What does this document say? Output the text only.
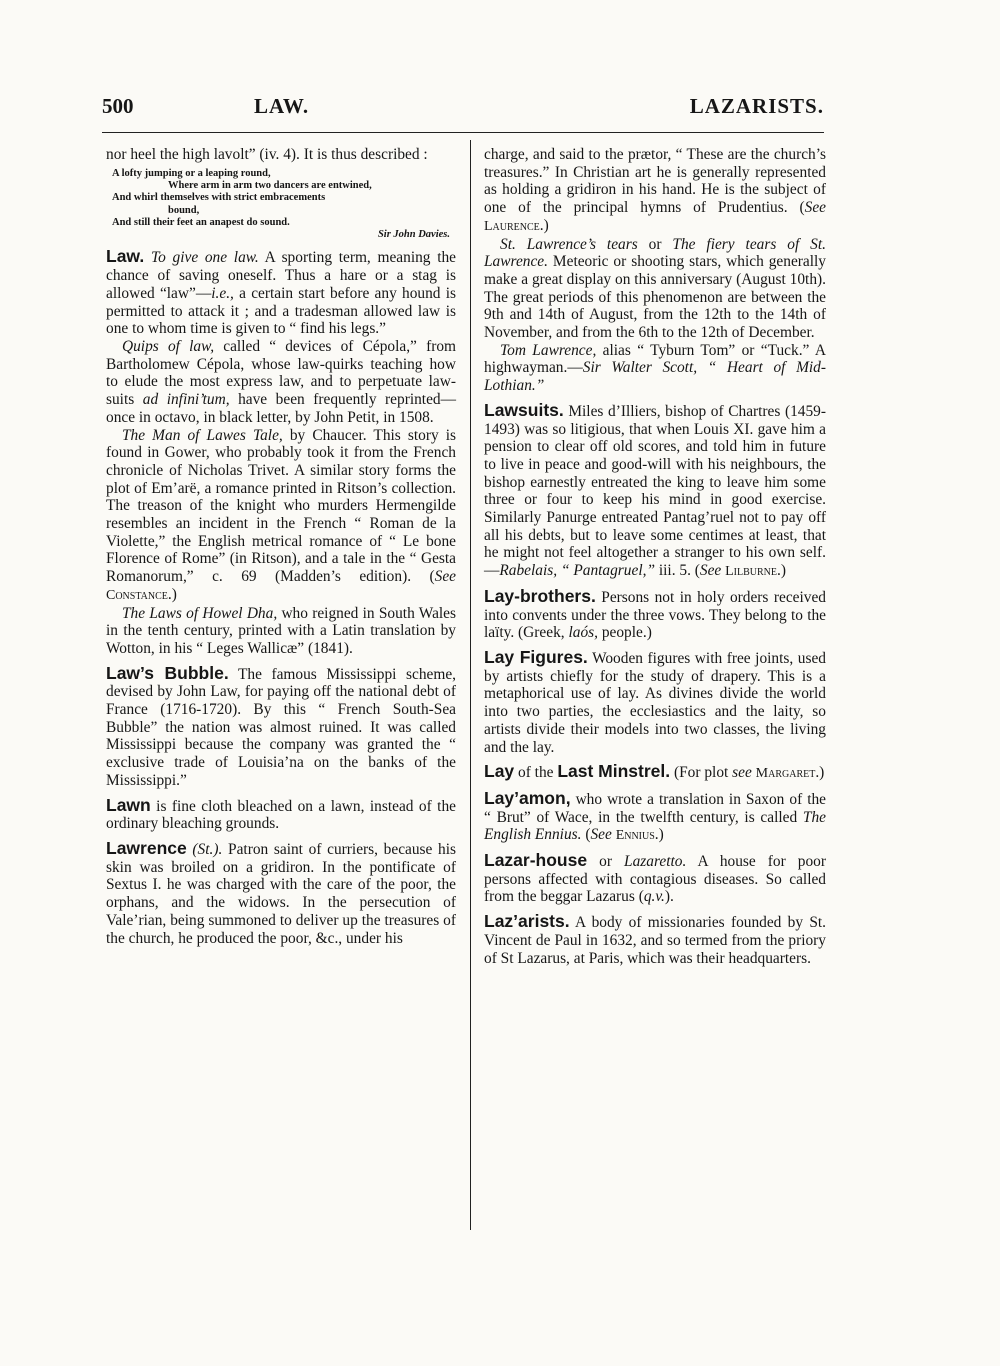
500	LAW.	LAZARISTS.

nor heel the high lavolt” (iv. 4). It is thus described :

A lofty jumping or a leaping round,
Where arm in arm two dancers are entwined,
And whirl themselves with strict embracements
bound,
And still their feet an anapest do sound.
Sir John Davies.

Law. To give one law. A sporting term, meaning the chance of saving oneself. Thus a hare or a stag is allowed “law”—i.e., a certain start before any hound is permitted to attack it ; and a tradesman allowed law is one to whom time is given to “ find his legs.”

Quips of law, called “ devices of Cépola,” from Bartholomew Cépola, whose law-quirks teaching how to elude the most express law, and to perpetuate law-suits ad infini’tum, have been frequently reprinted— once in octavo, in black letter, by John Petit, in 1508.

The Man of Lawes Tale, by Chaucer. This story is found in Gower, who probably took it from the French chronicle of Nicholas Trivet. A similar story forms the plot of Em’arë, a romance printed in Ritson’s collection. The treason of the knight who murders Hermengilde resembles an incident in the French “ Roman de la Violette,” the English metrical romance of “ Le bone Florence of Rome” (in Ritson), and a tale in the “ Gesta Romanorum,” c. 69 (Madden’s edition). (See Constance.)

The Laws of Howel Dha, who reigned in South Wales in the tenth century, printed with a Latin translation by Wotton, in his “ Leges Wallicæ” (1841).

Law’s Bubble. The famous Mississippi scheme, devised by John Law, for paying off the national debt of France (1716-1720). By this “ French South-Sea Bubble” the nation was almost ruined. It was called Mississippi because the company was granted the “ exclusive trade of Louisia’na on the banks of the Mississippi.”

Lawn is fine cloth bleached on a lawn, instead of the ordinary bleaching grounds.

Lawrence (St.). Patron saint of curriers, because his skin was broiled on a gridiron. In the pontificate of Sextus I. he was charged with the care of the poor, the orphans, and the widows. In the persecution of Vale’rian, being summoned to deliver up the treasures of the church, he produced the poor, &c., under his

charge, and said to the prætor, “ These are the church’s treasures.” In Christian art he is generally represented as holding a gridiron in his hand. He is the subject of one of the principal hymns of Prudentius. (See Laurence.)

St. Lawrence’s tears or The fiery tears of St. Lawrence. Meteoric or shooting stars, which generally make a great display on this anniversary (August 10th). The great periods of this phenomenon are between the 9th and 14th of August, from the 12th to the 14th of November, and from the 6th to the 12th of December.

Tom Lawrence, alias “ Tyburn Tom” or “Tuck.” A highwayman.—Sir Walter Scott, “ Heart of Mid-Lothian.”

Lawsuits. Miles d’Illiers, bishop of Chartres (1459-1493) was so litigious, that when Louis XI. gave him a pension to clear off old scores, and told him in future to live in peace and good-will with his neighbours, the bishop earnestly entreated the king to leave him some three or four to keep his mind in good exercise. Similarly Panurge entreated Pantag’ruel not to pay off all his debts, but to leave some centimes at least, that he might not feel altogether a stranger to his own self.—Rabelais, “ Pantagruel,” iii. 5. (See Lilburne.)

Lay-brothers. Persons not in holy orders received into convents under the three vows. They belong to the laïty. (Greek, laós, people.)

Lay Figures. Wooden figures with free joints, used by artists chiefly for the study of drapery. This is a metaphorical use of lay. As divines divide the world into two parties, the ecclesiastics and the laity, so artists divide their models into two classes, the living and the lay.

Lay of the Last Minstrel. (For plot see Margaret.)

Lay’amon, who wrote a translation in Saxon of the “ Brut” of Wace, in the twelfth century, is called The English Ennius. (See Ennius.)

Lazar-house or Lazaretto. A house for poor persons affected with contagious diseases. So called from the beggar Lazarus (q.v.).

Laz’arists. A body of missionaries founded by St. Vincent de Paul in 1632, and so termed from the priory of St Lazarus, at Paris, which was their headquarters.
